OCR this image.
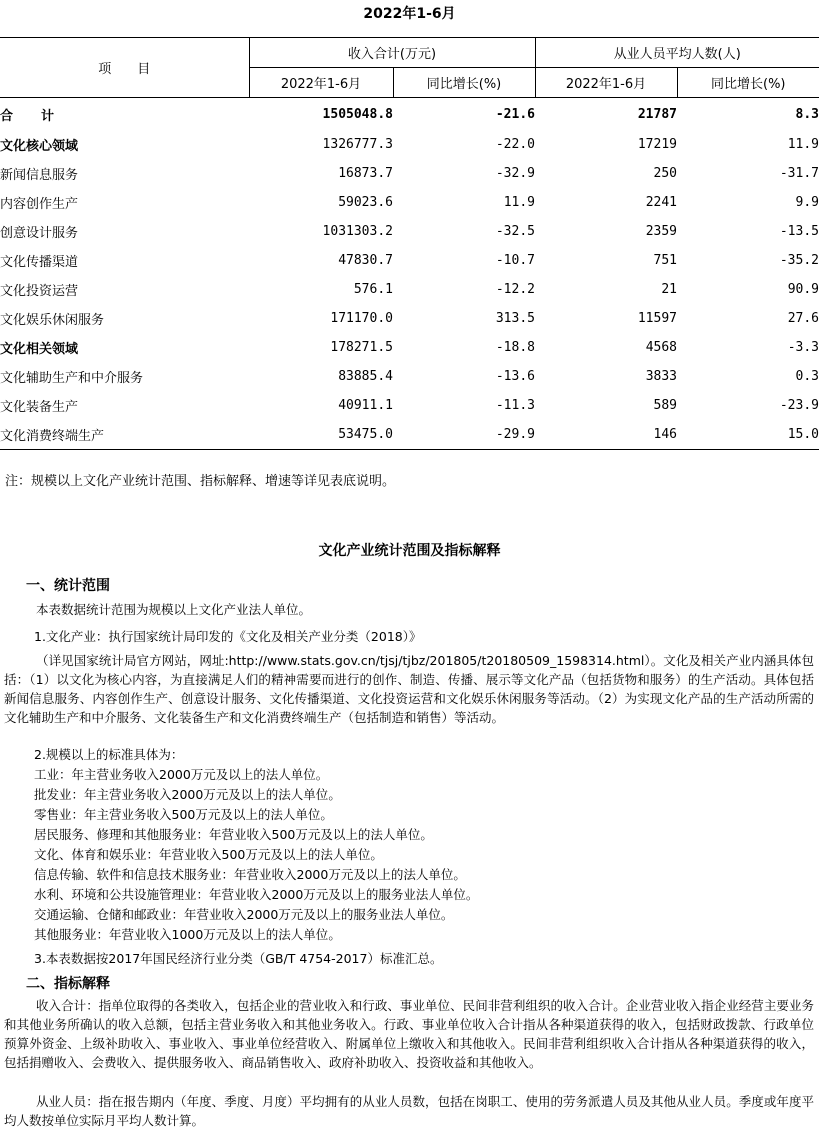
2022年1-6月
项　　目	收入合计(万元)		从业人员平均人数(人)	
	2022年1-6月	同比增长(%)	2022年1-6月	同比增长(%)
合计	1505048.8	-21.6	21787	8.3
文化核心领域	1326777.3	-22.0	17219	11.9
新闻信息服务	16873.7	-32.9	250	-31.7
内容创作生产	59023.6	11.9	2241	9.9
创意设计服务	1031303.2	-32.5	2359	-13.5
文化传播渠道	47830.7	-10.7	751	-35.2
文化投资运营	576.1	-12.2	21	90.9
文化娱乐休闲服务	171170.0	313.5	11597	27.6
文化相关领域	178271.5	-18.8	4568	-3.3
文化辅助生产和中介服务	83885.4	-13.6	3833	0.3
文化装备生产	40911.1	-11.3	589	-23.9
文化消费终端生产	53475.0	-29.9	146	15.0
注：规模以上文化产业统计范围、指标解释、增速等详见表底说明。
文化产业统计范围及指标解释
一、统计范围
本表数据统计范围为规模以上文化产业法人单位。
1.文化产业：执行国家统计局印发的《文化及相关产业分类（2018）》
（详见国家统计局官方网站，网址:http://www.stats.gov.cn/tjsj/tjbz/201805/t20180509_1598314.html）。文化及相关产业内涵具体包括：（1）以文化为核心内容，为直接满足人们的精神需要而进行的创作、制造、传播、展示等文化产品（包括货物和服务）的生产活动。具体包括新闻信息服务、内容创作生产、创意设计服务、文化传播渠道、文化投资运营和文化娱乐休闲服务等活动。（2）为实现文化产品的生产活动所需的文化辅助生产和中介服务、文化装备生产和文化消费终端生产（包括制造和销售）等活动。
2.规模以上的标准具体为：
工业：年主营业务收入2000万元及以上的法人单位。
批发业：年主营业务收入2000万元及以上的法人单位。
零售业：年主营业务收入500万元及以上的法人单位。
居民服务、修理和其他服务业：年营业收入500万元及以上的法人单位。
文化、体育和娱乐业：年营业收入500万元及以上的法人单位。
信息传输、软件和信息技术服务业：年营业收入2000万元及以上的法人单位。
水利、环境和公共设施管理业：年营业收入2000万元及以上的服务业法人单位。
交通运输、仓储和邮政业：年营业收入2000万元及以上的服务业法人单位。
其他服务业：年营业收入1000万元及以上的法人单位。
3.本表数据按2017年国民经济行业分类（GB/T 4754-2017）标准汇总。
二、指标解释
收入合计：指单位取得的各类收入，包括企业的营业收入和行政、事业单位、民间非营利组织的收入合计。企业营业收入指企业经营主要业务和其他业务所确认的收入总额，包括主营业务收入和其他业务收入。行政、事业单位收入合计指从各种渠道获得的收入，包括财政拨款、行政单位预算外资金、上级补助收入、事业收入、事业单位经营收入、附属单位上缴收入和其他收入。民间非营利组织收入合计指从各种渠道获得的收入，包括捐赠收入、会费收入、提供服务收入、商品销售收入、政府补助收入、投资收益和其他收入。
从业人员：指在报告期内（年度、季度、月度）平均拥有的从业人员数，包括在岗职工、使用的劳务派遣人员及其他从业人员。季度或年度平均人数按单位实际月平均人数计算。
